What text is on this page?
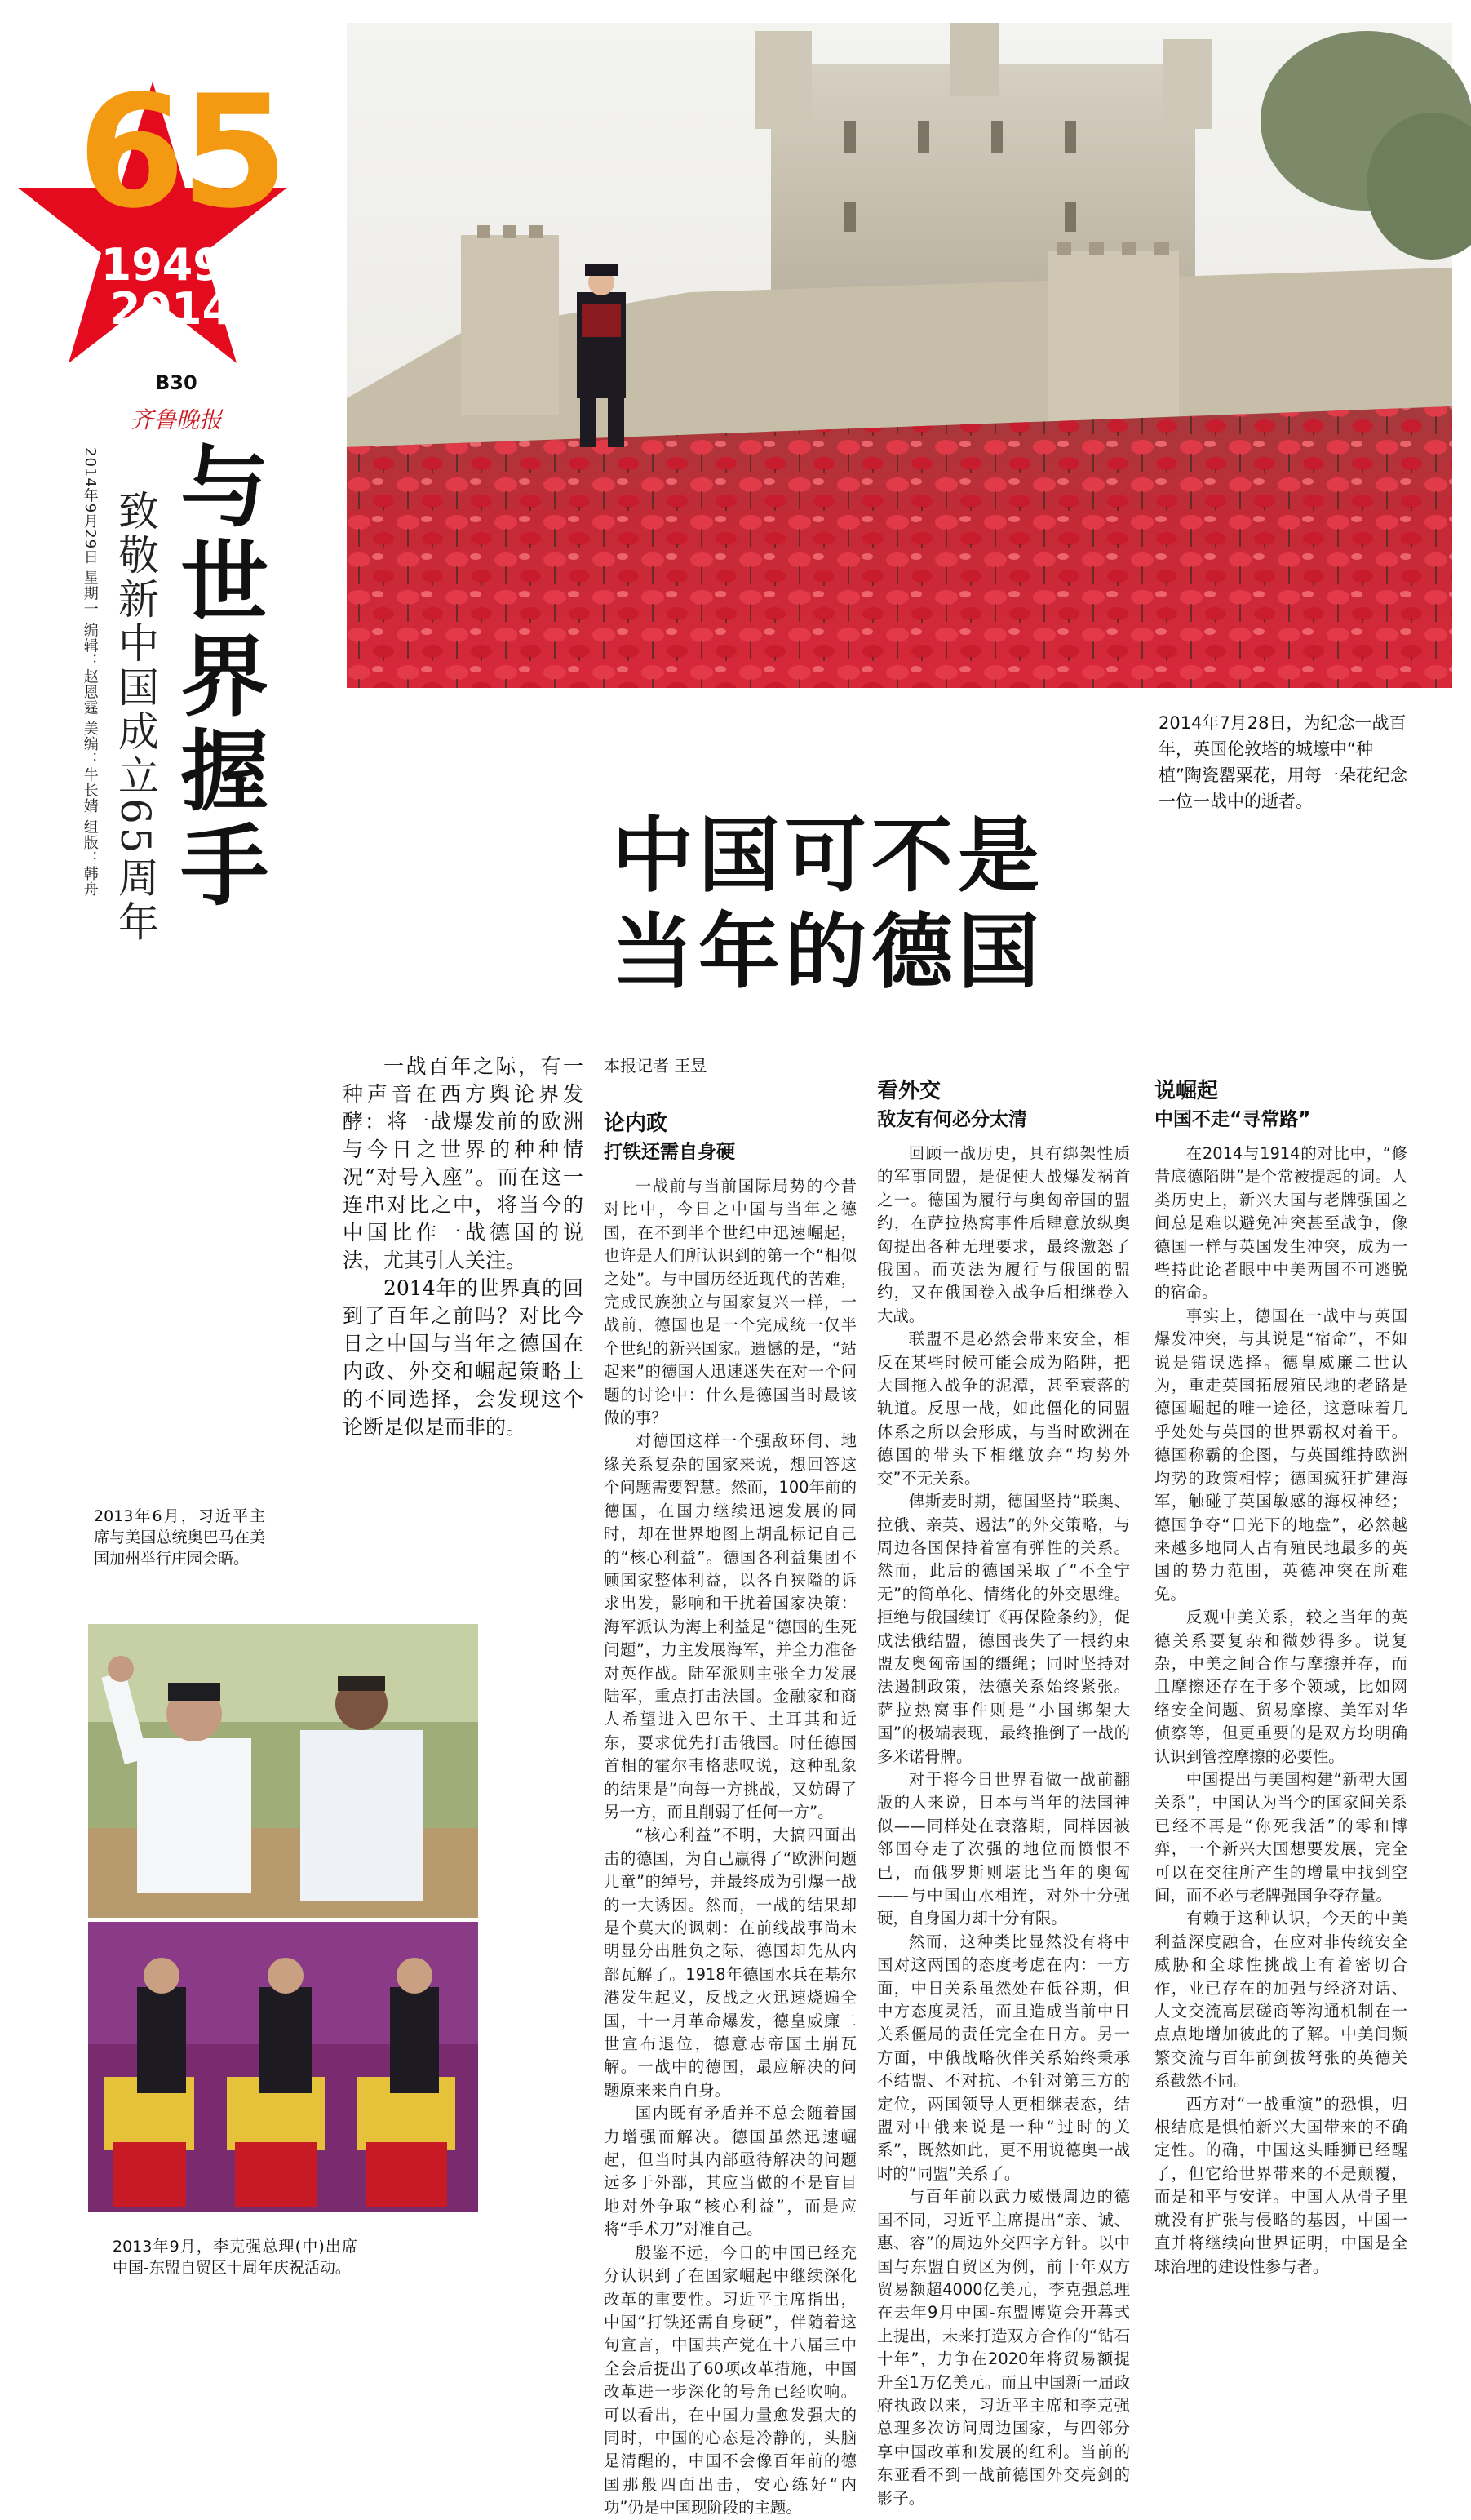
65
1949-2014
B30
齐鲁晚报
与世界握手
致敬新中国成立65周年
2014年9月29日 星期一 编辑：赵恩霆 美编：牛长婧 组版：韩舟	2014年7月28日，为纪念一战百年，英国伦敦塔的城壕中“种植”陶瓷罂粟花，用每一朵花纪念一位一战中的逝者。
中国可不是
当年的德国
本报记者 王昱

一战百年之际，有一种声音在西方舆论界发酵：将一战爆发前的欧洲与今日之世界的种种情况“对号入座”。而在这一连串对比之中，将当今的中国比作一战德国的说法，尤其引人关注。

2014年的世界真的回到了百年之前吗？对比今日之中国与当年之德国在内政、外交和崛起策略上的不同选择，会发现这个论断是似是而非的。

论内政
打铁还需自身硬

一战前与当前国际局势的今昔对比中，今日之中国与当年之德国，在不到半个世纪中迅速崛起，也许是人们所认识到的第一个“相似之处”。与中国历经近现代的苦难，完成民族独立与国家复兴一样，一战前，德国也是一个完成统一仅半个世纪的新兴国家。遗憾的是，“站起来”的德国人迅速迷失在对一个问题的讨论中：什么是德国当时最该做的事？

对德国这样一个强敌环伺、地缘关系复杂的国家来说，想回答这个问题需要智慧。然而，100年前的德国，在国力继续迅速发展的同时，却在世界地图上胡乱标记自己的“核心利益”。德国各利益集团不顾国家整体利益，以各自狭隘的诉求出发，影响和干扰着国家决策：海军派认为海上利益是“德国的生死问题”，力主发展海军，并全力准备对英作战。陆军派则主张全力发展陆军，重点打击法国。金融家和商人希望进入巴尔干、土耳其和近东，要求优先打击俄国。时任德国首相的霍尔韦格悲叹说，这种乱象的结果是“向每一方挑战，又妨碍了另一方，而且削弱了任何一方”。

“核心利益”不明，大搞四面出击的德国，为自己赢得了“欧洲问题儿童”的绰号，并最终成为引爆一战的一大诱因。然而，一战的结果却是个莫大的讽刺：在前线战事尚未明显分出胜负之际，德国却先从内部瓦解了。1918年德国水兵在基尔港发生起义，反战之火迅速烧遍全国，十一月革命爆发，德皇威廉二世宣布退位，德意志帝国土崩瓦解。一战中的德国，最应解决的问题原来来自自身。

国内既有矛盾并不总会随着国力增强而解决。德国虽然迅速崛起，但当时其内部亟待解决的问题远多于外部，其应当做的不是盲目地对外争取“核心利益”，而是应将“手术刀”对准自己。

殷鉴不远，今日的中国已经充分认识到了在国家崛起中继续深化改革的重要性。习近平主席指出，中国“打铁还需自身硬”，伴随着这句宣言，中国共产党在十八届三中全会后提出了60项改革措施，中国改革进一步深化的号角已经吹响。可以看出，在中国力量愈发强大的同时，中国的心态是冷静的，头脑是清醒的，中国不会像百年前的德国那般四面出击，安心练好“内功”仍是中国现阶段的主题。

看外交
敌友有何必分太清

回顾一战历史，具有绑架性质的军事同盟，是促使大战爆发祸首之一。德国为履行与奥匈帝国的盟约，在萨拉热窝事件后肆意放纵奥匈提出各种无理要求，最终激怒了俄国。而英法为履行与俄国的盟约，又在俄国卷入战争后相继卷入大战。

联盟不是必然会带来安全，相反在某些时候可能会成为陷阱，把大国拖入战争的泥潭，甚至衰落的轨道。反思一战，如此僵化的同盟体系之所以会形成，与当时欧洲在德国的带头下相继放弃“均势外交”不无关系。

俾斯麦时期，德国坚持“联奥、拉俄、亲英、遏法”的外交策略，与周边各国保持着富有弹性的关系。然而，此后的德国采取了“不全宁无”的简单化、情绪化的外交思维。拒绝与俄国续订《再保险条约》，促成法俄结盟，德国丧失了一根约束盟友奥匈帝国的缰绳；同时坚持对法遏制政策，法德关系始终紧张。萨拉热窝事件则是“小国绑架大国”的极端表现，最终推倒了一战的多米诺骨牌。

对于将今日世界看做一战前翻版的人来说，日本与当年的法国神似——同样处在衰落期，同样因被邻国夺走了次强的地位而愤恨不已，而俄罗斯则堪比当年的奥匈——与中国山水相连，对外十分强硬，自身国力却十分有限。

然而，这种类比显然没有将中国对这两国的态度考虑在内：一方面，中日关系虽然处在低谷期，但中方态度灵活，而且造成当前中日关系僵局的责任完全在日方。另一方面，中俄战略伙伴关系始终秉承不结盟、不对抗、不针对第三方的定位，两国领导人更相继表态，结盟对中俄来说是一种“过时的关系”，既然如此，更不用说德奥一战时的“同盟”关系了。

与百年前以武力威慑周边的德国不同，习近平主席提出“亲、诚、惠、容”的周边外交四字方针。以中国与东盟自贸区为例，前十年双方贸易额超4000亿美元，李克强总理在去年9月中国-东盟博览会开幕式上提出，未来打造双方合作的“钻石十年”，力争在2020年将贸易额提升至1万亿美元。而且中国新一届政府执政以来，习近平主席和李克强总理多次访问周边国家，与四邻分享中国改革和发展的红利。当前的东亚看不到一战前德国外交亮剑的影子。

说崛起
中国不走“寻常路”

在2014与1914的对比中，“修昔底德陷阱”是个常被提起的词。人类历史上，新兴大国与老牌强国之间总是难以避免冲突甚至战争，像德国一样与英国发生冲突，成为一些持此论者眼中中美两国不可逃脱的宿命。

事实上，德国在一战中与英国爆发冲突，与其说是“宿命”，不如说是错误选择。德皇威廉二世认为，重走英国拓展殖民地的老路是德国崛起的唯一途径，这意味着几乎处处与英国的世界霸权对着干。德国称霸的企图，与英国维持欧洲均势的政策相悖；德国疯狂扩建海军，触碰了英国敏感的海权神经；德国争夺“日光下的地盘”，必然越来越多地同人占有殖民地最多的英国的势力范围，英德冲突在所难免。

反观中美关系，较之当年的英德关系要复杂和微妙得多。说复杂，中美之间合作与摩擦并存，而且摩擦还存在于多个领域，比如网络安全问题、贸易摩擦、美军对华侦察等，但更重要的是双方均明确认识到管控摩擦的必要性。

中国提出与美国构建“新型大国关系”，中国认为当今的国家间关系已经不再是“你死我活”的零和博弈，一个新兴大国想要发展，完全可以在交往所产生的增量中找到空间，而不必与老牌强国争夺存量。

有赖于这种认识，今天的中美利益深度融合，在应对非传统安全威胁和全球性挑战上有着密切合作，业已存在的加强与经济对话、人文交流高层磋商等沟通机制在一点点地增加彼此的了解。中美间频繁交流与百年前剑拔弩张的英德关系截然不同。

西方对“一战重演”的恐惧，归根结底是惧怕新兴大国带来的不确定性。的确，中国这头睡狮已经醒了，但它给世界带来的不是颠覆，而是和平与安详。中国人从骨子里就没有扩张与侵略的基因，中国一直并将继续向世界证明，中国是全球治理的建设性参与者。

2013年6月，习近平主席与美国总统奥巴马在美国加州举行庄园会晤。
2013年9月，李克强总理(中)出席中国-东盟自贸区十周年庆祝活动。
